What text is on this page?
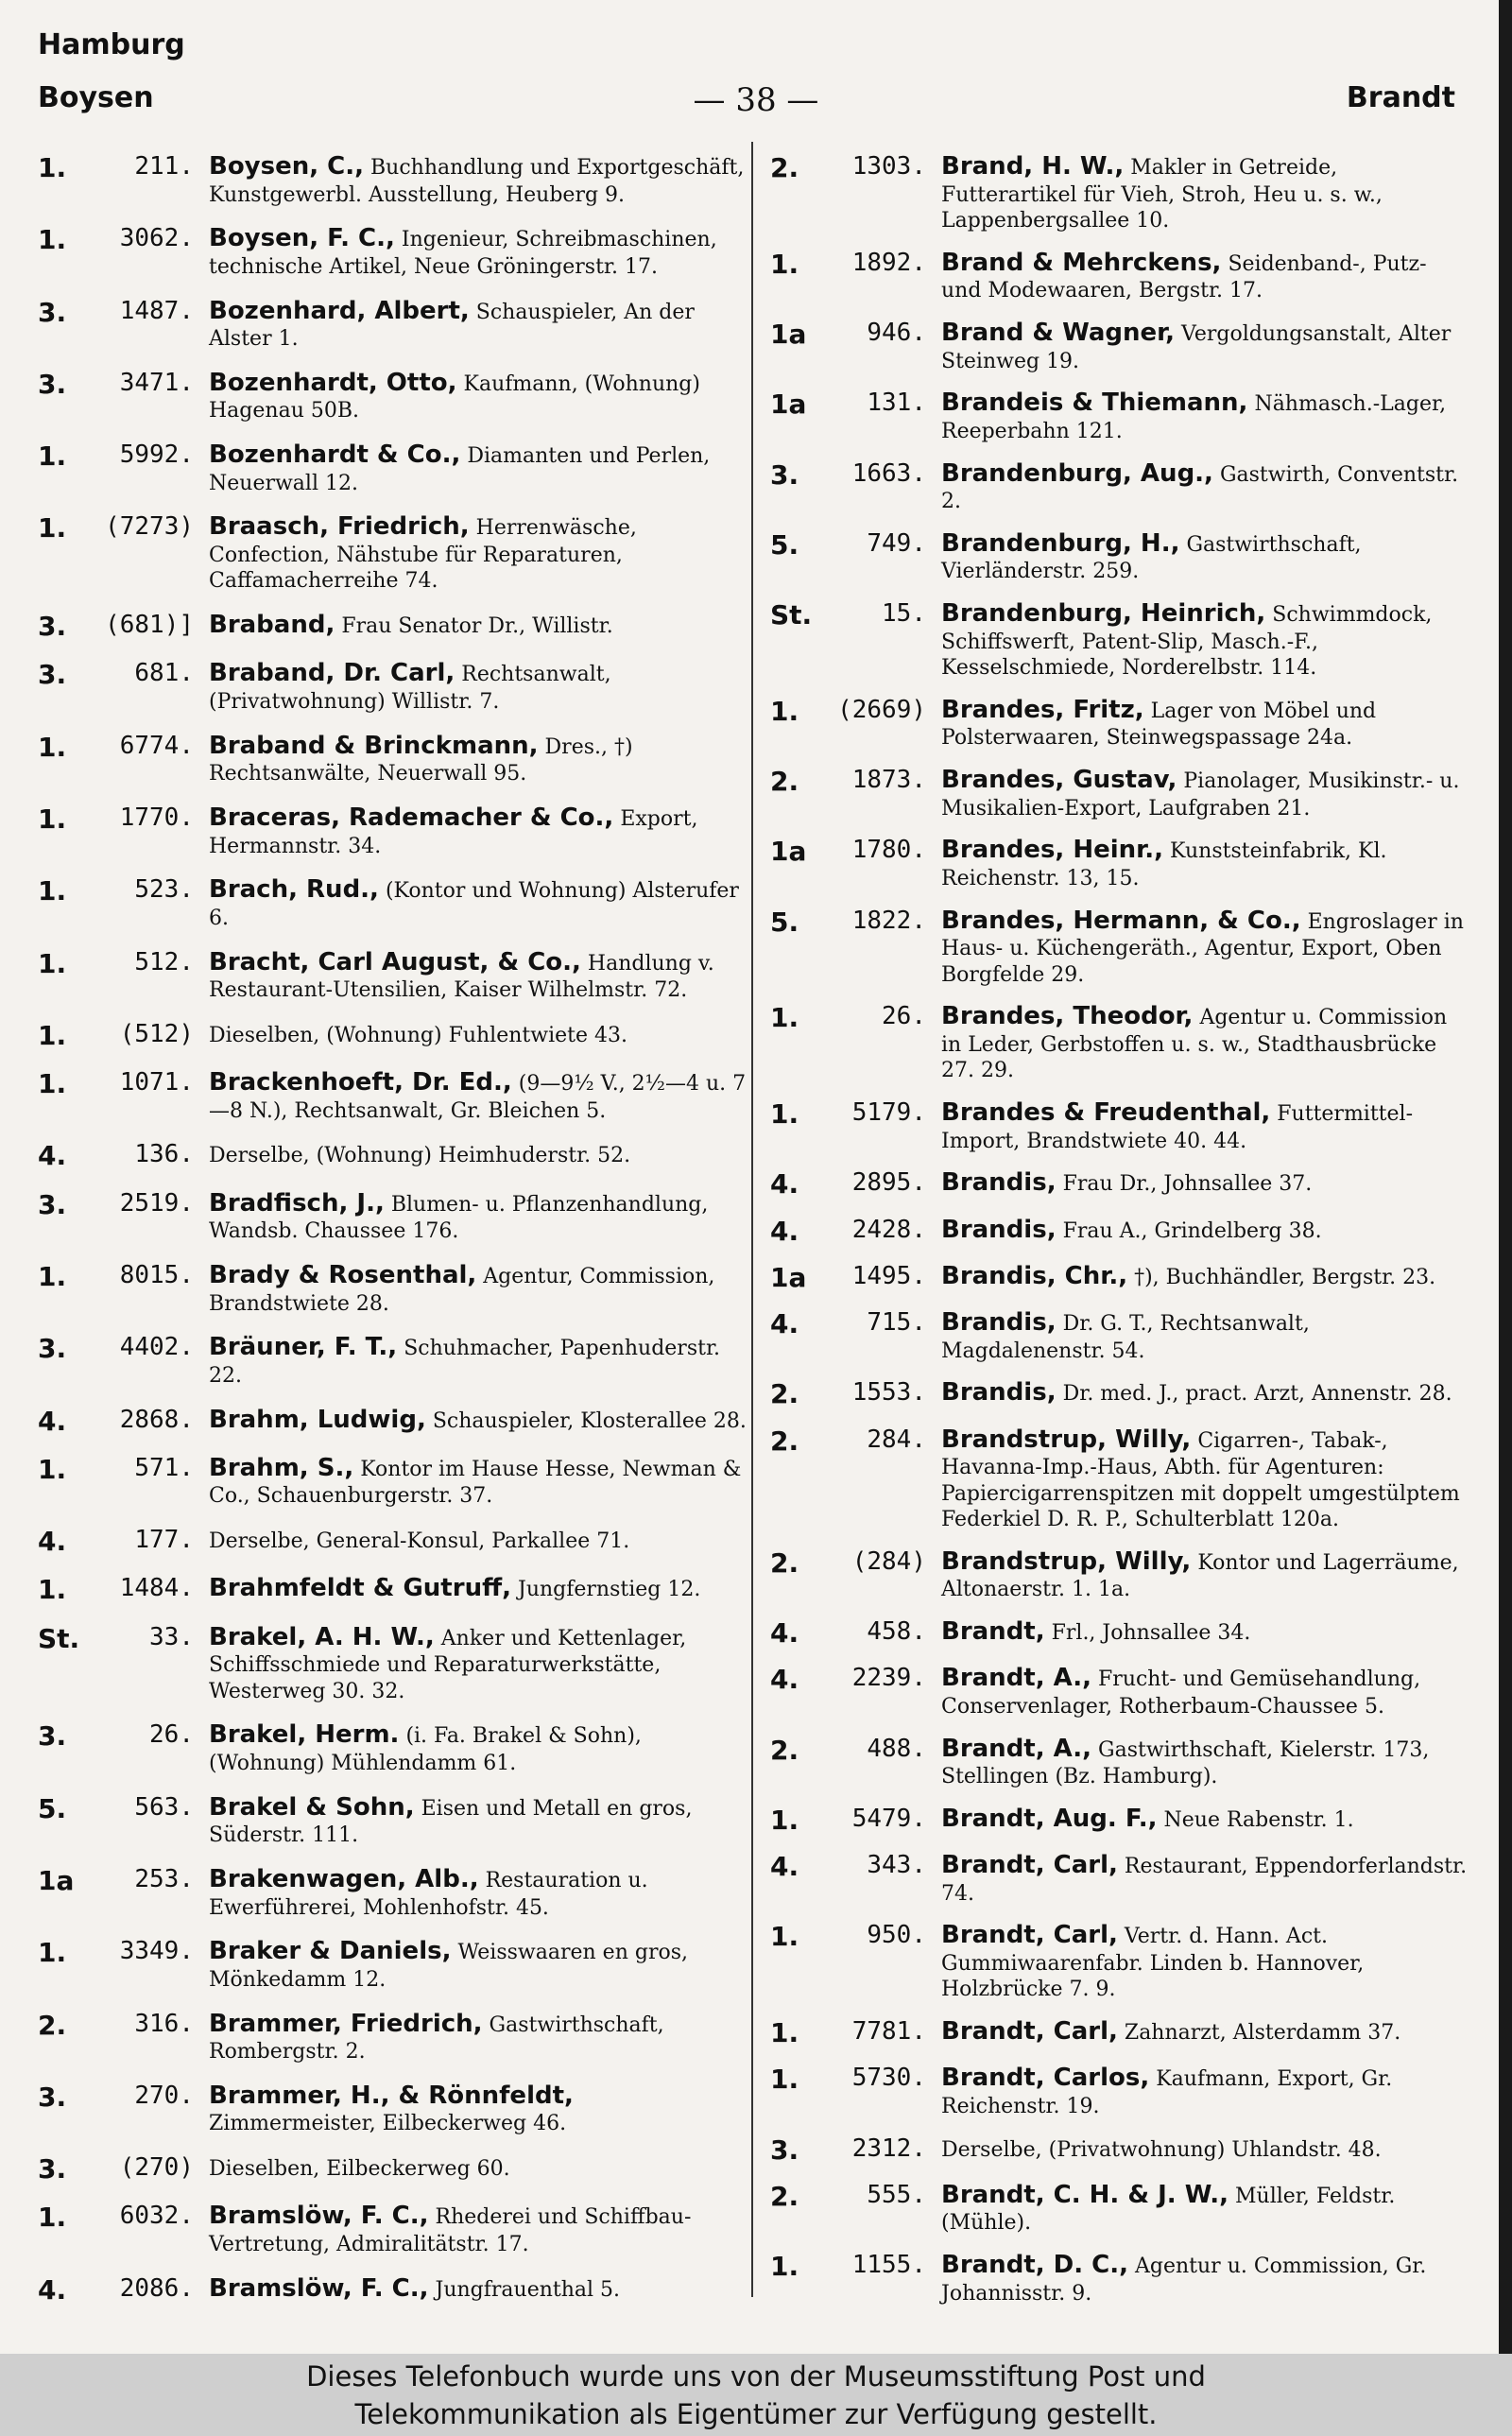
Hamburg
Boysen	— 38 —	Brandt
1.	211. Boysen, C., Buchhandlung und Exportgeschäft, Kunstgewerbl. Ausstellung, Heuberg 9.
1.	3062. Boysen, F. C., Ingenieur, Schreibmaschinen, technische Artikel, Neue Gröningerstr. 17.
3.	1487. Bozenhard, Albert, Schauspieler, An der Alster 1.
3.	3471. Bozenhardt, Otto, Kaufmann, (Wohnung) Hagenau 50B.
1.	5992. Bozenhardt & Co., Diamanten und Perlen, Neuerwall 12.
1.	(7273) Braasch, Friedrich, Herrenwäsche, Confection, Nähstube für Reparaturen, Caffamacherreihe 74.
3.	(681)] Braband, Frau Senator Dr., Willistr.
3.	681. Braband, Dr. Carl, Rechtsanwalt, (Privatwohnung) Willistr. 7.
1.	6774. Braband & Brinckmann, Dres., †) Rechtsanwälte, Neuerwall 95.
1.	1770. Braceras, Rademacher & Co., Export, Hermannstr. 34.
1.	523. Brach, Rud., (Kontor und Wohnung) Alsterufer 6.
1.	512. Bracht, Carl August, & Co., Handlung v. Restaurant-Utensilien, Kaiser Wilhelmstr. 72.
1.	(512) Dieselben, (Wohnung) Fuhlentwiete 43.
1.	1071. Brackenhoeft, Dr. Ed., (9—9½ V., 2½—4 u. 7—8 N.), Rechtsanwalt, Gr. Bleichen 5.
4.	136. Derselbe, (Wohnung) Heimhuderstr. 52.
3.	2519. Bradfisch, J., Blumen- u. Pflanzenhandlung, Wandsb. Chaussee 176.
1.	8015. Brady & Rosenthal, Agentur, Commission, Brandstwiete 28.
3.	4402. Bräuner, F. T., Schuhmacher, Papenhuderstr. 22.
4.	2868. Brahm, Ludwig, Schauspieler, Klosterallee 28.
1.	571. Brahm, S., Kontor im Hause Hesse, Newman & Co., Schauenburgerstr. 37.
4.	177. Derselbe, General-Konsul, Parkallee 71.
1.	1484. Brahmfeldt & Gutruff, Jungfernstieg 12.
St.	33. Brakel, A. H. W., Anker und Kettenlager, Schiffsschmiede und Reparaturwerkstätte, Westerweg 30. 32.
3.	26. Brakel, Herm. (i. Fa. Brakel & Sohn), (Wohnung) Mühlendamm 61.
5.	563. Brakel & Sohn, Eisen und Metall en gros, Süderstr. 111.
1a	253. Brakenwagen, Alb., Restauration u. Ewerführerei, Mohlenhofstr. 45.
1.	3349. Braker & Daniels, Weisswaaren en gros, Mönkedamm 12.
2.	316. Brammer, Friedrich, Gastwirthschaft, Rombergstr. 2.
3.	270. Brammer, H., & Rönnfeldt, Zimmermeister, Eilbeckerweg 46.
3.	(270) Dieselben, Eilbeckerweg 60.
1.	6032. Bramslöw, F. C., Rhederei und Schiffbau-Vertretung, Admiralitätstr. 17.
4.	2086. Bramslöw, F. C., Jungfrauenthal 5.
2.	1303. Brand, H. W., Makler in Getreide, Futterartikel für Vieh, Stroh, Heu u. s. w., Lappenbergsallee 10.
1.	1892. Brand & Mehrckens, Seidenband-, Putz- und Modewaaren, Bergstr. 17.
1a	946. Brand & Wagner, Vergoldungsanstalt, Alter Steinweg 19.
1a	131. Brandeis & Thiemann, Nähmasch.-Lager, Reeperbahn 121.
3.	1663. Brandenburg, Aug., Gastwirth, Conventstr. 2.
5.	749. Brandenburg, H., Gastwirthschaft, Vierländerstr. 259.
St.	15. Brandenburg, Heinrich, Schwimmdock, Schiffswerft, Patent-Slip, Masch.-F., Kesselschmiede, Norderelbstr. 114.
1.	(2669) Brandes, Fritz, Lager von Möbel und Polsterwaaren, Steinwegspassage 24a.
2.	1873. Brandes, Gustav, Pianolager, Musikinstr.- u. Musikalien-Export, Laufgraben 21.
1a	1780. Brandes, Heinr., Kunststeinfabrik, Kl. Reichenstr. 13, 15.
5.	1822. Brandes, Hermann, & Co., Engroslager in Haus- u. Küchengeräth., Agentur, Export, Oben Borgfelde 29.
1.	26. Brandes, Theodor, Agentur u. Commission in Leder, Gerbstoffen u. s. w., Stadthausbrücke 27. 29.
1.	5179. Brandes & Freudenthal, Futtermittel-Import, Brandstwiete 40. 44.
4.	2895. Brandis, Frau Dr., Johnsallee 37.
4.	2428. Brandis, Frau A., Grindelberg 38.
1a	1495. Brandis, Chr., †), Buchhändler, Bergstr. 23.
4.	715. Brandis, Dr. G. T., Rechtsanwalt, Magdalenenstr. 54.
2.	1553. Brandis, Dr. med. J., pract. Arzt, Annenstr. 28.
2.	284. Brandstrup, Willy, Cigarren-, Tabak-, Havanna-Imp.-Haus, Abth. für Agenturen: Papiercigarrenspitzen mit doppelt umgestülptem Federkiel D. R. P., Schulterblatt 120a.
2.	(284) Brandstrup, Willy, Kontor und Lagerräume, Altonaerstr. 1. 1a.
4.	458. Brandt, Frl., Johnsallee 34.
4.	2239. Brandt, A., Frucht- und Gemüsehandlung, Conservenlager, Rotherbaum-Chaussee 5.
2.	488. Brandt, A., Gastwirthschaft, Kielerstr. 173, Stellingen (Bz. Hamburg).
1.	5479. Brandt, Aug. F., Neue Rabenstr. 1.
4.	343. Brandt, Carl, Restaurant, Eppendorferlandstr. 74.
1.	950. Brandt, Carl, Vertr. d. Hann. Act. Gummiwaarenfabr. Linden b. Hannover, Holzbrücke 7. 9.
1.	7781. Brandt, Carl, Zahnarzt, Alsterdamm 37.
1.	5730. Brandt, Carlos, Kaufmann, Export, Gr. Reichenstr. 19.
3.	2312. Derselbe, (Privatwohnung) Uhlandstr. 48.
2.	555. Brandt, C. H. & J. W., Müller, Feldstr. (Mühle).
1.	1155. Brandt, D. C., Agentur u. Commission, Gr. Johannisstr. 9.
Dieses Telefonbuch wurde uns von der Museumsstiftung Post und
Telekommunikation als Eigentümer zur Verfügung gestellt.
